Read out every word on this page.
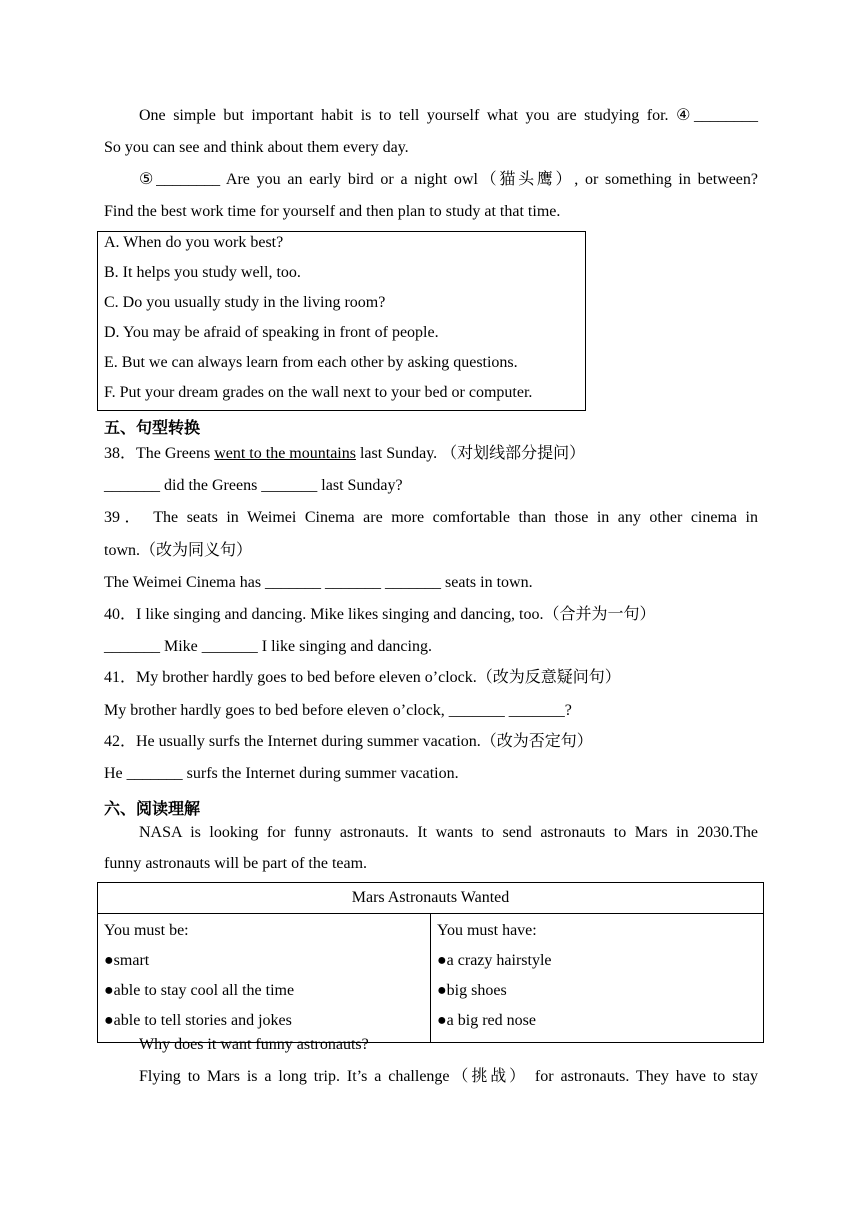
One simple but important habit is to tell yourself what you are studying for. ④________
So you can see and think about them every day.
⑤________ Are you an early bird or a night owl（猫头鹰）, or something in between?
Find the best work time for yourself and then plan to study at that time.
A. When do you work best?
B. It helps you study well, too.
C. Do you usually study in the living room?
D. You may be afraid of speaking in front of people.
E. But we can always learn from each other by asking questions.
F. Put your dream grades on the wall next to your bed or computer.
五、句型转换
38．The Greens went to the mountains last Sunday. （对划线部分提问）
_______ did the Greens _______ last Sunday?
39． The seats in Weimei Cinema are more comfortable than those in any other cinema in
town.（改为同义句）
The Weimei Cinema has _______ _______ _______ seats in town.
40．I like singing and dancing. Mike likes singing and dancing, too.（合并为一句）
_______ Mike _______ I like singing and dancing.
41．My brother hardly goes to bed before eleven o’clock.（改为反意疑问句）
My brother hardly goes to bed before eleven o’clock, _______ _______?
42．He usually surfs the Internet during summer vacation.（改为否定句）
He _______ surfs the Internet during summer vacation.
六、阅读理解
NASA is looking for funny astronauts. It wants to send astronauts to Mars in 2030.The
funny astronauts will be part of the team.
Mars Astronauts Wanted

You must be:
●smart
●able to stay cool all the time
●able to tell stories and jokes

You must have:
●a crazy hairstyle
●big shoes
●a big red nose
Why does it want funny astronauts?
Flying to Mars is a long trip. It’s a challenge（挑战） for astronauts. They have to stay
